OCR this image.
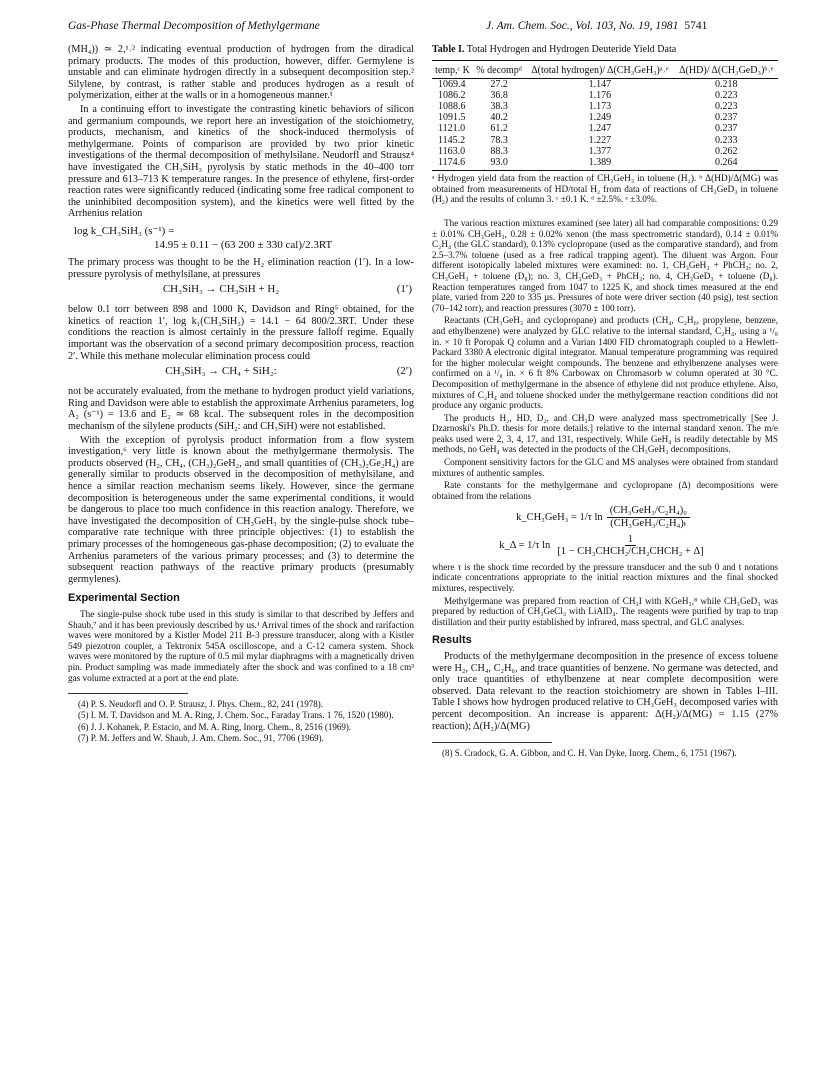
Gas-Phase Thermal Decomposition of Methylgermane	J. Am. Chem. Soc., Vol. 103, No. 19, 1981 5741

(MH₄)) ≃ 2,¹˒² indicating eventual production of hydrogen from the diradical primary products. The modes of this production, however, differ. Germylene is unstable and can eliminate hydrogen directly in a subsequent decomposition step.² Silylene, by contrast, is rather stable and produces hydrogen as a result of polymerization, either at the walls or in a homogeneous manner.¹

In a continuing effort to investigate the contrasting kinetic behaviors of silicon and germanium compounds, we report here an investigation of the stoichiometry, products, mechanism, and kinetics of the shock-induced thermolysis of methylgermane. Points of comparison are provided by two prior kinetic investigations of the thermal decomposition of methylsilane. Neudorfl and Strausz⁴ have investigated the CH₃SiH₃ pyrolysis by static methods in the 40–400 torr pressure and 613–713 K temperature ranges. In the presence of ethylene, first-order reaction rates were significantly reduced (indicating some free radical component to the uninhibited decomposition system), and the kinetics were well fitted by the Arrhenius relation

log k_CH₃SiH₃ (s⁻¹) =
14.95 ± 0.11 − (63 200 ± 330 cal)/2.3RT

The primary process was thought to be the H₂ elimination reaction (1′). In a low-pressure pyrolysis of methylsilane, at pressures

CH₃SiH₃ → CH₃SiH + H₂	(1′)

below 0.1 torr between 898 and 1000 K, Davidson and Ring⁵ obtained, for the kinetics of reaction 1′, log k₁(CH₃SiH₃) = 14.1 − 64 800/2.3RT. Under these conditions the reaction is almost certainly in the pressure falloff regime. Equally important was the observation of a second primary decomposition process, reaction 2′. While this methane molecular elimination process could

CH₃SiH₃ → CH₄ + SiH₂:	(2′)

not be accurately evaluated, from the methane to hydrogen product yield variations, Ring and Davidson were able to establish the approximate Arrhenius parameters, log A₂ (s⁻¹) = 13.6 and E₂ ≃ 68 kcal. The subsequent roles in the decomposition mechanism of the silylene products (SiH₂: and CH₃SiH) were not established.

With the exception of pyrolysis product information from a flow system investigation,⁶ very little is known about the methylgermane thermolysis. The products observed (H₂, CH₄, (CH₃)₂GeH₂, and small quantities of (CH₃)₂Ge₂H₄) are generally similar to products observed in the decomposition of methylsilane, and hence a similar reaction mechanism seems likely. However, since the germane decomposition is heterogeneous under the same experimental conditions, it would be dangerous to place too much confidence in this reaction analogy. Therefore, we have investigated the decomposition of CH₃GeH₃ by the single-pulse shock tube–comparative rate technique with three principle objectives: (1) to establish the primary processes of the homogeneous gas-phase decomposition; (2) to evaluate the Arrhenius parameters of the various primary processes; and (3) to determine the subsequent reaction pathways of the reactive primary products (presumably germylenes).

Experimental Section

The single-pulse shock tube used in this study is similar to that described by Jeffers and Shaub,⁷ and it has been previously described by us.¹ Arrival times of the shock and rarifaction waves were monitored by a Kistler Model 211 B-3 pressure transducer, along with a Kistler 549 piezotron coupler, a Tektronix 545A oscilloscope, and a C-12 camera system. Shock waves were monitored by the rupture of 0.5 mil mylar diaphragms with a magnetically driven pin. Product sampling was made immediately after the shock and was confined to a 18 cm³ gas volume extracted at a port at the end plate.

(4) P. S. Neudorfl and O. P. Strausz, J. Phys. Chem., 82, 241 (1978).

(5) I. M. T. Davidson and M. A. Ring, J. Chem. Soc., Faraday Trans. 1 76, 1520 (1980).

(6) J. J. Kohanek, P. Estacio, and M. A. Ring, Inorg. Chem., 8, 2516 (1969).

(7) P. M. Jeffers and W. Shaub, J. Am. Chem. Soc., 91, 7706 (1969).

Table I. Total Hydrogen and Hydrogen Deuteride Yield Data

temp,ᶜ K	% decompᵈ	Δ(total hydrogen)/ Δ(CH₃GeH₃)ᵃ˒ᵉ	Δ(HD)/ Δ(CH₃GeD₃)ᵇ˒ᵉ
1069.4	27.2	1.147	0.218
1086.2	36.8	1.176	0.223
1088.6	38.3	1.173	0.223
1091.5	40.2	1.249	0.237
1121.0	61.2	1.247	0.237
1145.2	78.3	1.227	0.233
1163.0	88.3	1.377	0.262
1174.6	93.0	1.389	0.264
ᵃ Hydrogen yield data from the reaction of CH₃GeH₃ in toluene (H₂). ᵇ Δ(HD)/Δ(MG) was obtained from measurements of HD/total H₂ from data of reactions of CH₃GeD₃ in toluene (H₂) and the results of column 3. ᶜ ±0.1 K. ᵈ ±2.5%. ᵉ ±3.0%.

The various reaction mixtures examined (see later) all had comparable compositions: 0.29 ± 0.01% CH₃GeH₃, 0.28 ± 0.02% xenon (the mass spectrometric standard), 0.14 ± 0.01% C₂H₄ (the GLC standard), 0.13% cyclopropane (used as the comparative standard), and from 2.5–3.7% toluene (used as a free radical trapping agent). The diluent was Argon. Four different isotopically labeled mixtures were examined: no. 1, CH₃GeH₃ + PhCH₃; no. 2, CH₃GeH₃ + toluene (D₈); no. 3, CH₃GeD₃ + PhCH₃; no. 4, CH₃GeD₃ + toluene (D₈). Reaction temperatures ranged from 1047 to 1225 K, and shock times measured at the end plate, varied from 220 to 335 µs. Pressures of note were driver section (40 psig), test section (70–142 torr), and reaction pressures (3070 ± 100 torr).

Reactants (CH₃GeH₃ and cyclopropane) and products (CH₄, C₂H₆, propylene, benzene, and ethylbenzene) were analyzed by GLC relative to the internal standard, C₂H₄, using a ¹/₈ in. × 10 ft Poropak Q column and a Varian 1400 FID chromatograph coupled to a Hewlett-Packard 3380 A electronic digital integrator. Manual temperature programming was required for the higher molecular weight compounds. The benzene and ethylbenzene analyses were confirmed on a ¹/₈ in. × 6 ft 8% Carbowax on Chromasorb w column operated at 30 °C. Decomposition of methylgermane in the absence of ethylene did not produce ethylene. Also, mixtures of C₂H₄ and toluene shocked under the methylgermane reaction conditions did not produce any organic products.

The products H₂, HD, D₂, and CH₃D were analyzed mass spectrometrically [See J. Dzarnoski's Ph.D. thesis for more details.] relative to the internal standard xenon. The m/e peaks used were 2, 3, 4, 17, and 131, respectively. While GeH₄ is readily detectable by MS methods, no GeH₄ was detected in the products of the CH₃GeH₃ decompositions.

Component sensitivity factors for the GLC and MS analyses were obtained from standard mixtures of authentic samples.

Rate constants for the methylgermane and cyclopropane (Δ) decompositions were obtained from the relations

k_CH₃GeH₃ =
1/τ $\ln \frac{\text{(CH₃GeH₃/C₂H₄)₀}}{\text{(CH₃GeH₃/C₂H₄)ₜ}}$
k_Δ =
1/τ $\ln \frac{1}{\text{[1 − CH₃CHCH₂/CH₂CHCH₂ + Δ]}}$

where τ is the shock time recorded by the pressure transducer and the sub 0 and t notations indicate concentrations appropriate to the initial reaction mixtures and the final shocked mixtures, respectively.

Methylgermane was prepared from reaction of CH₃I with KGeH₃,⁸ while CH₃GeD₃ was prepared by reduction of CH₃GeCl₃ with LiAlD₄. The reagents were purified by trap to trap distillation and their purity established by infrared, mass spectral, and GLC analyses.

Results

Products of the methylgermane decomposition in the presence of excess toluene were H₂, CH₄, C₂H₆, and trace quantities of benzene. No germane was detected, and only trace quantities of ethylbenzene at near complete decomposition were observed. Data relevant to the reaction stoichiometry are shown in Tables I–III. Table I shows how hydrogen produced relative to CH₃GeH₃ decomposed varies with percent decomposition. An increase is apparent: Δ(H₂)/Δ(MG) = 1.15 (27% reaction); Δ(H₂)/Δ(MG)

(8) S. Cradock, G. A. Gibbon, and C. H. Van Dyke, Inorg. Chem., 6, 1751 (1967).
